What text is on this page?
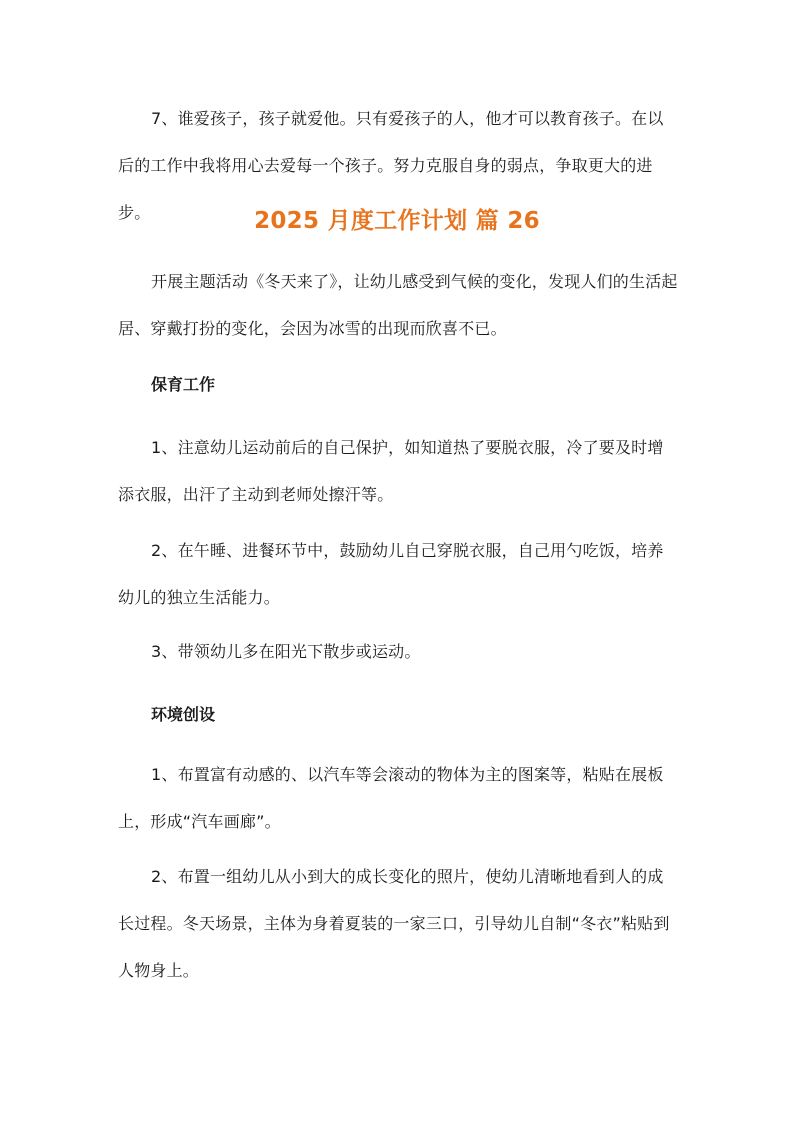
7、谁爱孩子，孩子就爱他。只有爱孩子的人，他才可以教育孩子。在以后的工作中我将用心去爱每一个孩子。努力克服自身的弱点，争取更大的进步。	2025 月度工作计划 篇 26

开展主题活动《冬天来了》，让幼儿感受到气候的变化，发现人们的生活起居、穿戴打扮的变化，会因为冰雪的出现而欣喜不已。

保育工作

1、注意幼儿运动前后的自己保护，如知道热了要脱衣服，冷了要及时增添衣服，出汗了主动到老师处擦汗等。

2、在午睡、进餐环节中，鼓励幼儿自己穿脱衣服，自己用勺吃饭，培养幼儿的独立生活能力。

3、带领幼儿多在阳光下散步或运动。

环境创设

1、布置富有动感的、以汽车等会滚动的物体为主的图案等，粘贴在展板上，形成“汽车画廊”。

2、布置一组幼儿从小到大的成长变化的照片，使幼儿清晰地看到人的成长过程。冬天场景，主体为身着夏装的一家三口，引导幼儿自制“冬衣”粘贴到人物身上。
